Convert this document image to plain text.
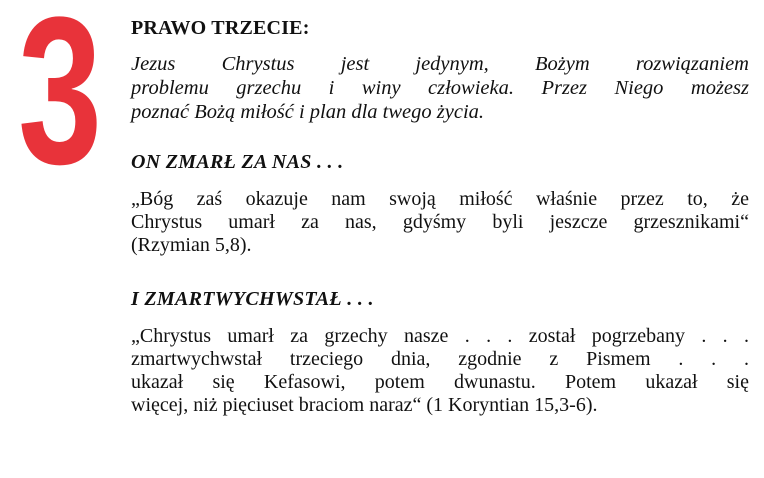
3 PRAWO TRZECIE:

Jezus Chrystus jest jedynym, Bożym rozwiązaniem
problemu grzechu i winy człowieka. Przez Niego możesz
poznać Bożą miłość i plan dla twego życia.

ON ZMARŁ ZA NAS . . .

„Bóg zaś okazuje nam swoją miłość właśnie przez to, że
Chrystus umarł za nas, gdyśmy byli jeszcze grzesznikami“
(Rzymian 5,8).

I ZMARTWYCHWSTAŁ . . .

„Chrystus umarł za grzechy nasze . . . został pogrzebany . . .
zmartwychwstał trzeciego dnia, zgodnie z Pismem . . .
ukazał się Kefasowi, potem dwunastu. Potem ukazał się
więcej, niż pięciuset braciom naraz“ (1 Koryntian 15,3-6).
